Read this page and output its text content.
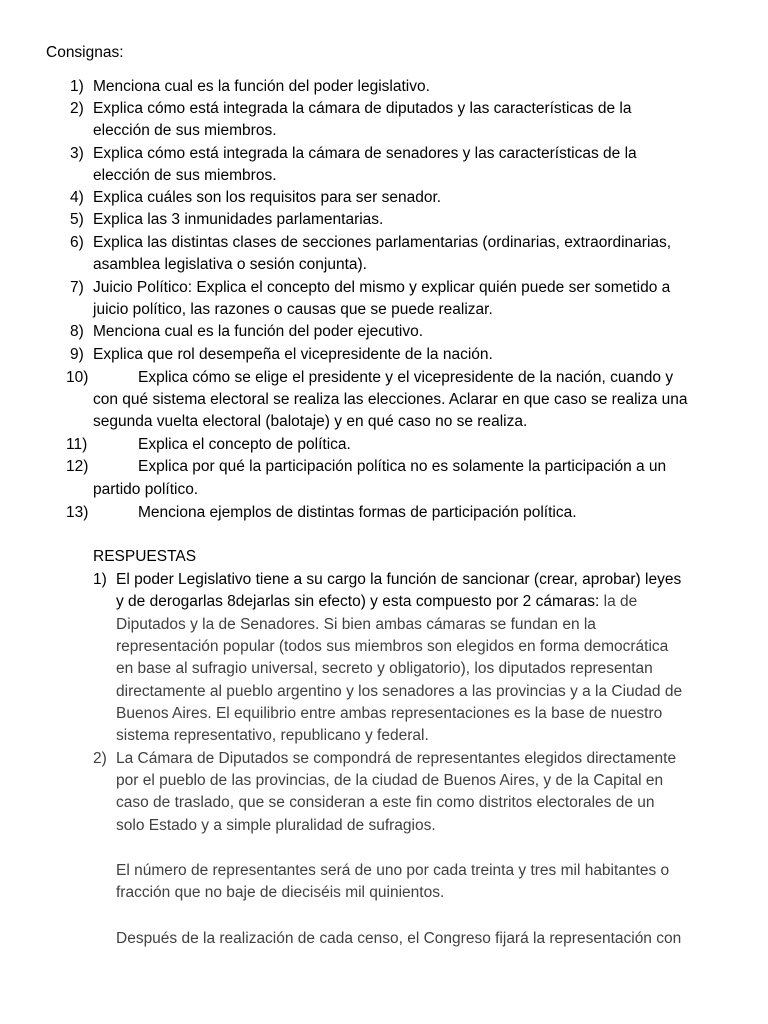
Consignas:
1) Menciona cual es la función del poder legislativo.
2) Explica cómo está integrada la cámara de diputados y las características de la
elección de sus miembros.
3) Explica cómo está integrada la cámara de senadores y las características de la
elección de sus miembros.
4) Explica cuáles son los requisitos para ser senador.
5) Explica las 3 inmunidades parlamentarias.
6) Explica las distintas clases de secciones parlamentarias (ordinarias, extraordinarias,
asamblea legislativa o sesión conjunta).
7) Juicio Político: Explica el concepto del mismo y explicar quién puede ser sometido a
juicio político, las razones o causas que se puede realizar.
8) Menciona cual es la función del poder ejecutivo.
9) Explica que rol desempeña el vicepresidente de la nación.
10)	Explica cómo se elige el presidente y el vicepresidente de la nación, cuando y
con qué sistema electoral se realiza las elecciones. Aclarar en que caso se realiza una
segunda vuelta electoral (balotaje) y en qué caso no se realiza.
11)	Explica el concepto de política.
12)	Explica por qué la participación política no es solamente la participación a un
partido político.
13)	Menciona ejemplos de distintas formas de participación política.
RESPUESTAS
1) El poder Legislativo tiene a su cargo la función de sancionar (crear, aprobar) leyes
y de derogarlas 8dejarlas sin efecto) y esta compuesto por 2 cámaras: la de
Diputados y la de Senadores. Si bien ambas cámaras se fundan en la
representación popular (todos sus miembros son elegidos en forma democrática
en base al sufragio universal, secreto y obligatorio), los diputados representan
directamente al pueblo argentino y los senadores a las provincias y a la Ciudad de
Buenos Aires. El equilibrio entre ambas representaciones es la base de nuestro
sistema representativo, republicano y federal.
2) La Cámara de Diputados se compondrá de representantes elegidos directamente
por el pueblo de las provincias, de la ciudad de Buenos Aires, y de la Capital en
caso de traslado, que se consideran a este fin como distritos electorales de un
solo Estado y a simple pluralidad de sufragios.
El número de representantes será de uno por cada treinta y tres mil habitantes o
fracción que no baje de dieciséis mil quinientos.
Después de la realización de cada censo, el Congreso fijará la representación con
